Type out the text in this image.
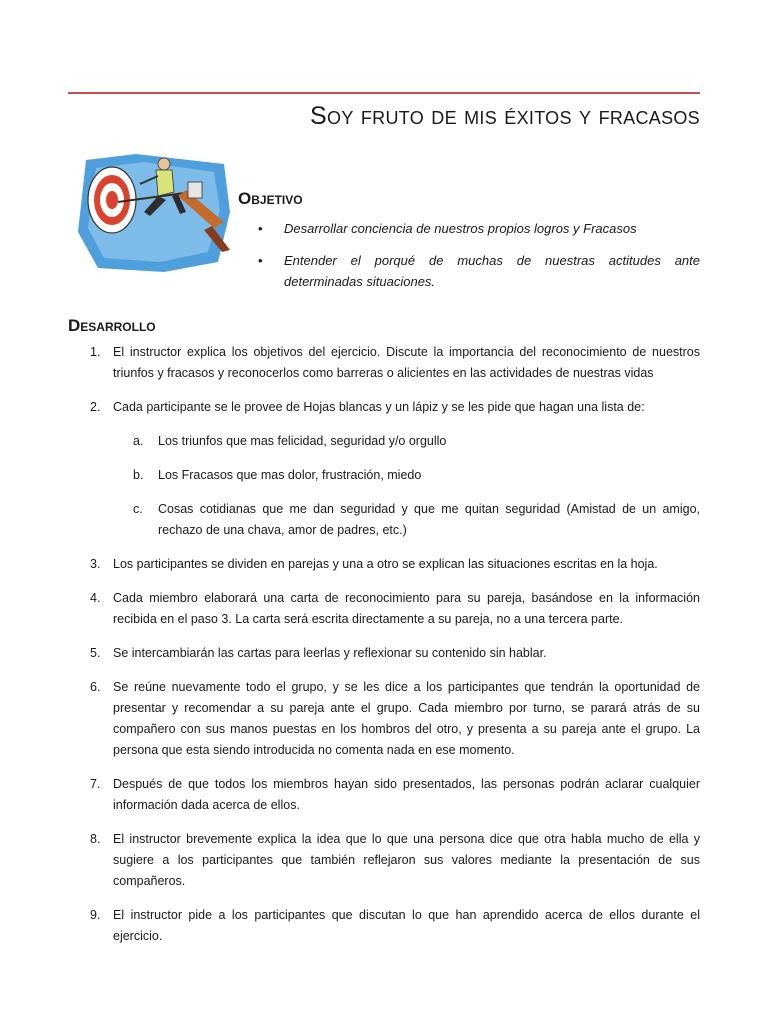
Soy fruto de mis éxitos y fracasos
Objetivo
• Desarrollar conciencia de nuestros propios logros y Fracasos
• Entender el porqué de muchas de nuestras actitudes ante determinadas situaciones.
Desarrollo
1. El instructor explica los objetivos del ejercicio. Discute la importancia del reconocimiento de nuestros triunfos y fracasos y reconocerlos como barreras o alicientes en las actividades de nuestras vidas
2. Cada participante se le provee de Hojas blancas y un lápiz y se les pide que hagan una lista de:
a. Los triunfos que mas felicidad, seguridad y/o orgullo
b. Los Fracasos que mas dolor, frustración, miedo
c. Cosas cotidianas que me dan seguridad y que me quitan seguridad (Amistad de un amigo, rechazo de una chava, amor de padres, etc.)
3. Los participantes se dividen en parejas y una a otro se explican las situaciones escritas en la hoja.
4. Cada miembro elaborará una carta de reconocimiento para su pareja, basándose en la información recibida en el paso 3. La carta será escrita directamente a su pareja, no a una tercera parte.
5. Se intercambiarán las cartas para leerlas y reflexionar su contenido sin hablar.
6. Se reúne nuevamente todo el grupo, y se les dice a los participantes que tendrán la oportunidad de presentar y recomendar a su pareja ante el grupo. Cada miembro por turno, se parará atrás de su compañero con sus manos puestas en los hombros del otro, y presenta a su pareja ante el grupo. La persona que esta siendo introducida no comenta nada en ese momento.
7. Después de que todos los miembros hayan sido presentados, las personas podrán aclarar cualquier información dada acerca de ellos.
8. El instructor brevemente explica la idea que lo que una persona dice que otra habla mucho de ella y sugiere a los participantes que también reflejaron sus valores mediante la presentación de sus compañeros.
9. El instructor pide a los participantes que discutan lo que han aprendido acerca de ellos durante el ejercicio.
